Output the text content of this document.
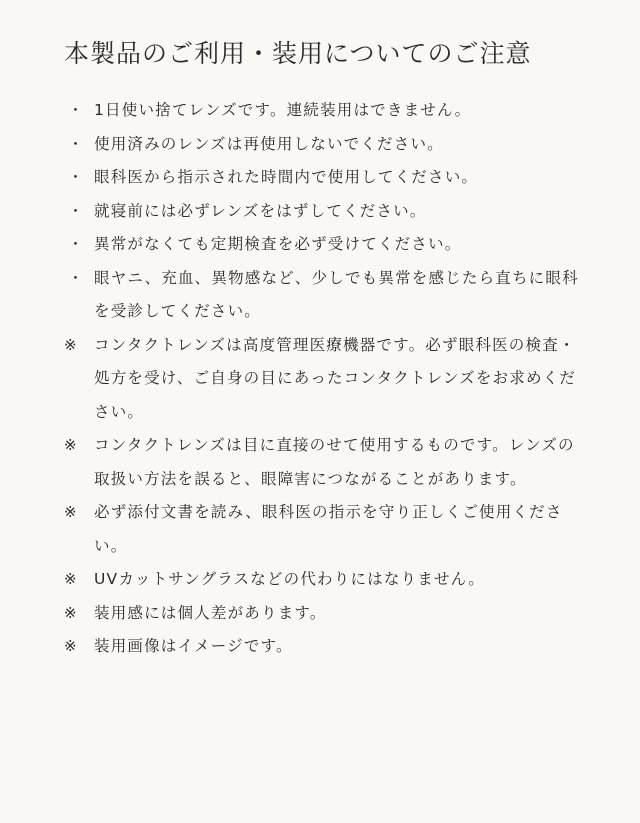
本製品のご利用・装用についてのご注意
・ 1日使い捨てレンズです。連続装用はできません。
・ 使用済みのレンズは再使用しないでください。
・ 眼科医から指示された時間内で使用してください。
・ 就寝前には必ずレンズをはずしてください。
・ 異常がなくても定期検査を必ず受けてください。
・ 眼ヤニ、充血、異物感など、少しでも異常を感じたら直ちに眼科を受診してください。
※	コンタクトレンズは高度管理医療機器です。必ず眼科医の検査・処方を受け、ご自身の目にあったコンタクトレンズをお求めください。
※	コンタクトレンズは目に直接のせて使用するものです。レンズの取扱い方法を誤ると、眼障害につながることがあります。
※	必ず添付文書を読み、眼科医の指示を守り正しくご使用ください。
※	UVカットサングラスなどの代わりにはなりません。
※	装用感には個人差があります。
※	装用画像はイメージです。
